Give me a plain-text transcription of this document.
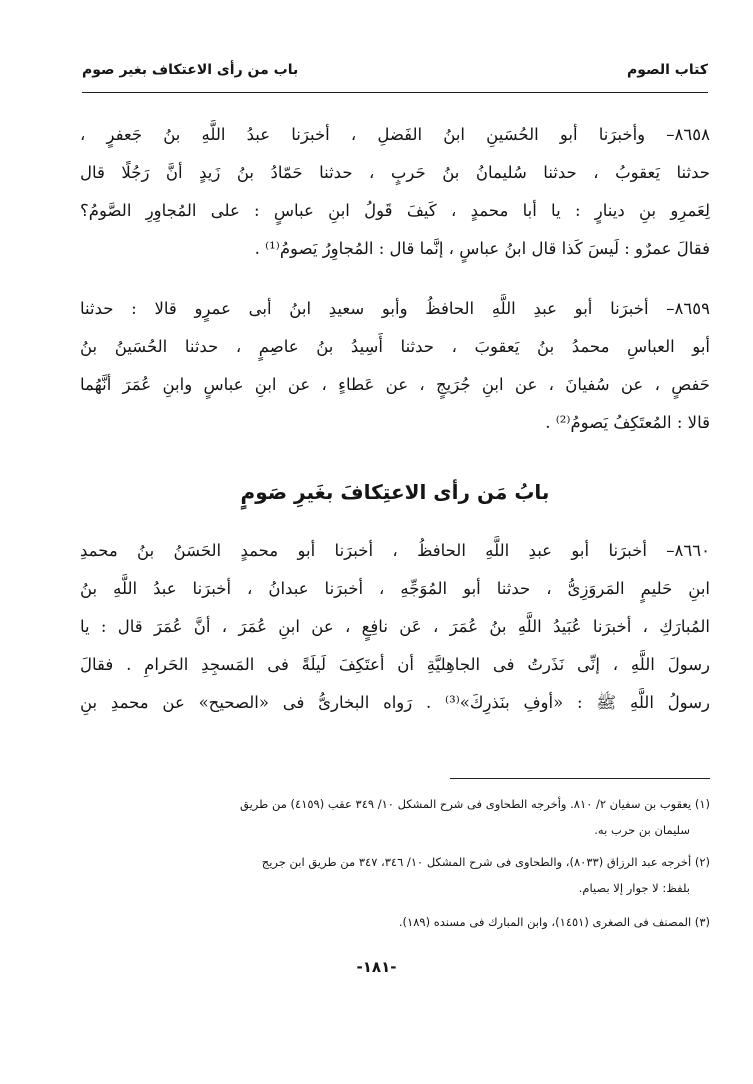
كتاب الصوم
باب من رأى الاعتكاف بغير صوم
٨٦٥٨– وأخبرَنا أبو الحُسَينِ ابنُ الفَضلِ ، أخبرَنا عبدُ اللَّهِ بنُ جَعفرٍ ،
حدثنا يَعقوبُ ، حدثنا سُليمانُ بنُ حَربٍ ، حدثنا حَمّادُ بنُ زَيدٍ أنَّ رَجُلًا قال
لِعَمرِو بنِ دينارٍ : يا أبا محمدٍ ، كَيفَ قَولُ ابنِ عباسٍ : على المُجاوِرِ الصَّومُ؟
فقالَ عمرٌو : لَيسَ كَذا قال ابنُ عباسٍ ، إنَّما قال : المُجاوِرُ يَصومُ⁽¹⁾ .
٨٦٥٩– أخبرَنا أبو عبدِ اللَّهِ الحافظُ وأبو سعيدِ ابنُ أبى عمرٍو قالا : حدثنا
أبو العباسِ محمدُ بنُ يَعقوبَ ، حدثنا أَسِيدُ بنُ عاصِمٍ ، حدثنا الحُسَينُ بنُ
حَفصٍ ، عن سُفيانَ ، عن ابنِ جُرَيجٍ ، عن عَطاءٍ ، عن ابنِ عباسٍ وابنِ عُمَرَ أنَّهُما
قالا : المُعتَكِفُ يَصومُ⁽²⁾ .
بابُ مَن رأى الاعتِكافَ بغَيرِ صَومٍ
٨٦٦٠– أخبرَنا أبو عبدِ اللَّهِ الحافظُ ، أخبرَنا أبو محمدٍ الحَسَنُ بنُ محمدِ
ابنِ حَليمٍ المَروَزِىُّ ، حدثنا أبو المُوَجِّهِ ، أخبرَنا عبدانُ ، أخبرَنا عبدُ اللَّهِ بنُ
المُبارَكِ ، أخبرَنا عُبَيدُ اللَّهِ بنُ عُمَرَ ، عَن نافِعٍ ، عن ابنِ عُمَرَ ، أنَّ عُمَرَ قال : يا
رسولَ اللَّهِ ، إنِّى نَذَرتُ فى الجاهِليَّةِ أن أعتَكِفَ لَيلَةً فى المَسجِدِ الحَرامِ . فقالَ
رسولُ اللَّهِ ﷺ : «أوفِ بنَذرِكَ»⁽³⁾ . رَواه البخارىُّ فى «الصحيح» عن محمدِ بنِ
(١) يعقوب بن سفيان ٢/ ٨١٠. وأخرجه الطحاوى فى شرح المشكل ١٠/ ٣٤٩ عقب (٤١٥٩) من طريق
سليمان بن حرب به.
(٢) أخرجه عبد الرزاق (٨٠٣٣)، والطحاوى فى شرح المشكل ١٠/ ٣٤٦، ٣٤٧ من طريق ابن جريج
بلفظ: لا جوار إلا بصيام.
(٣) المصنف فى الصغرى (١٤٥١)، وابن المبارك فى مسنده (١٨٩).
-١٨١-
